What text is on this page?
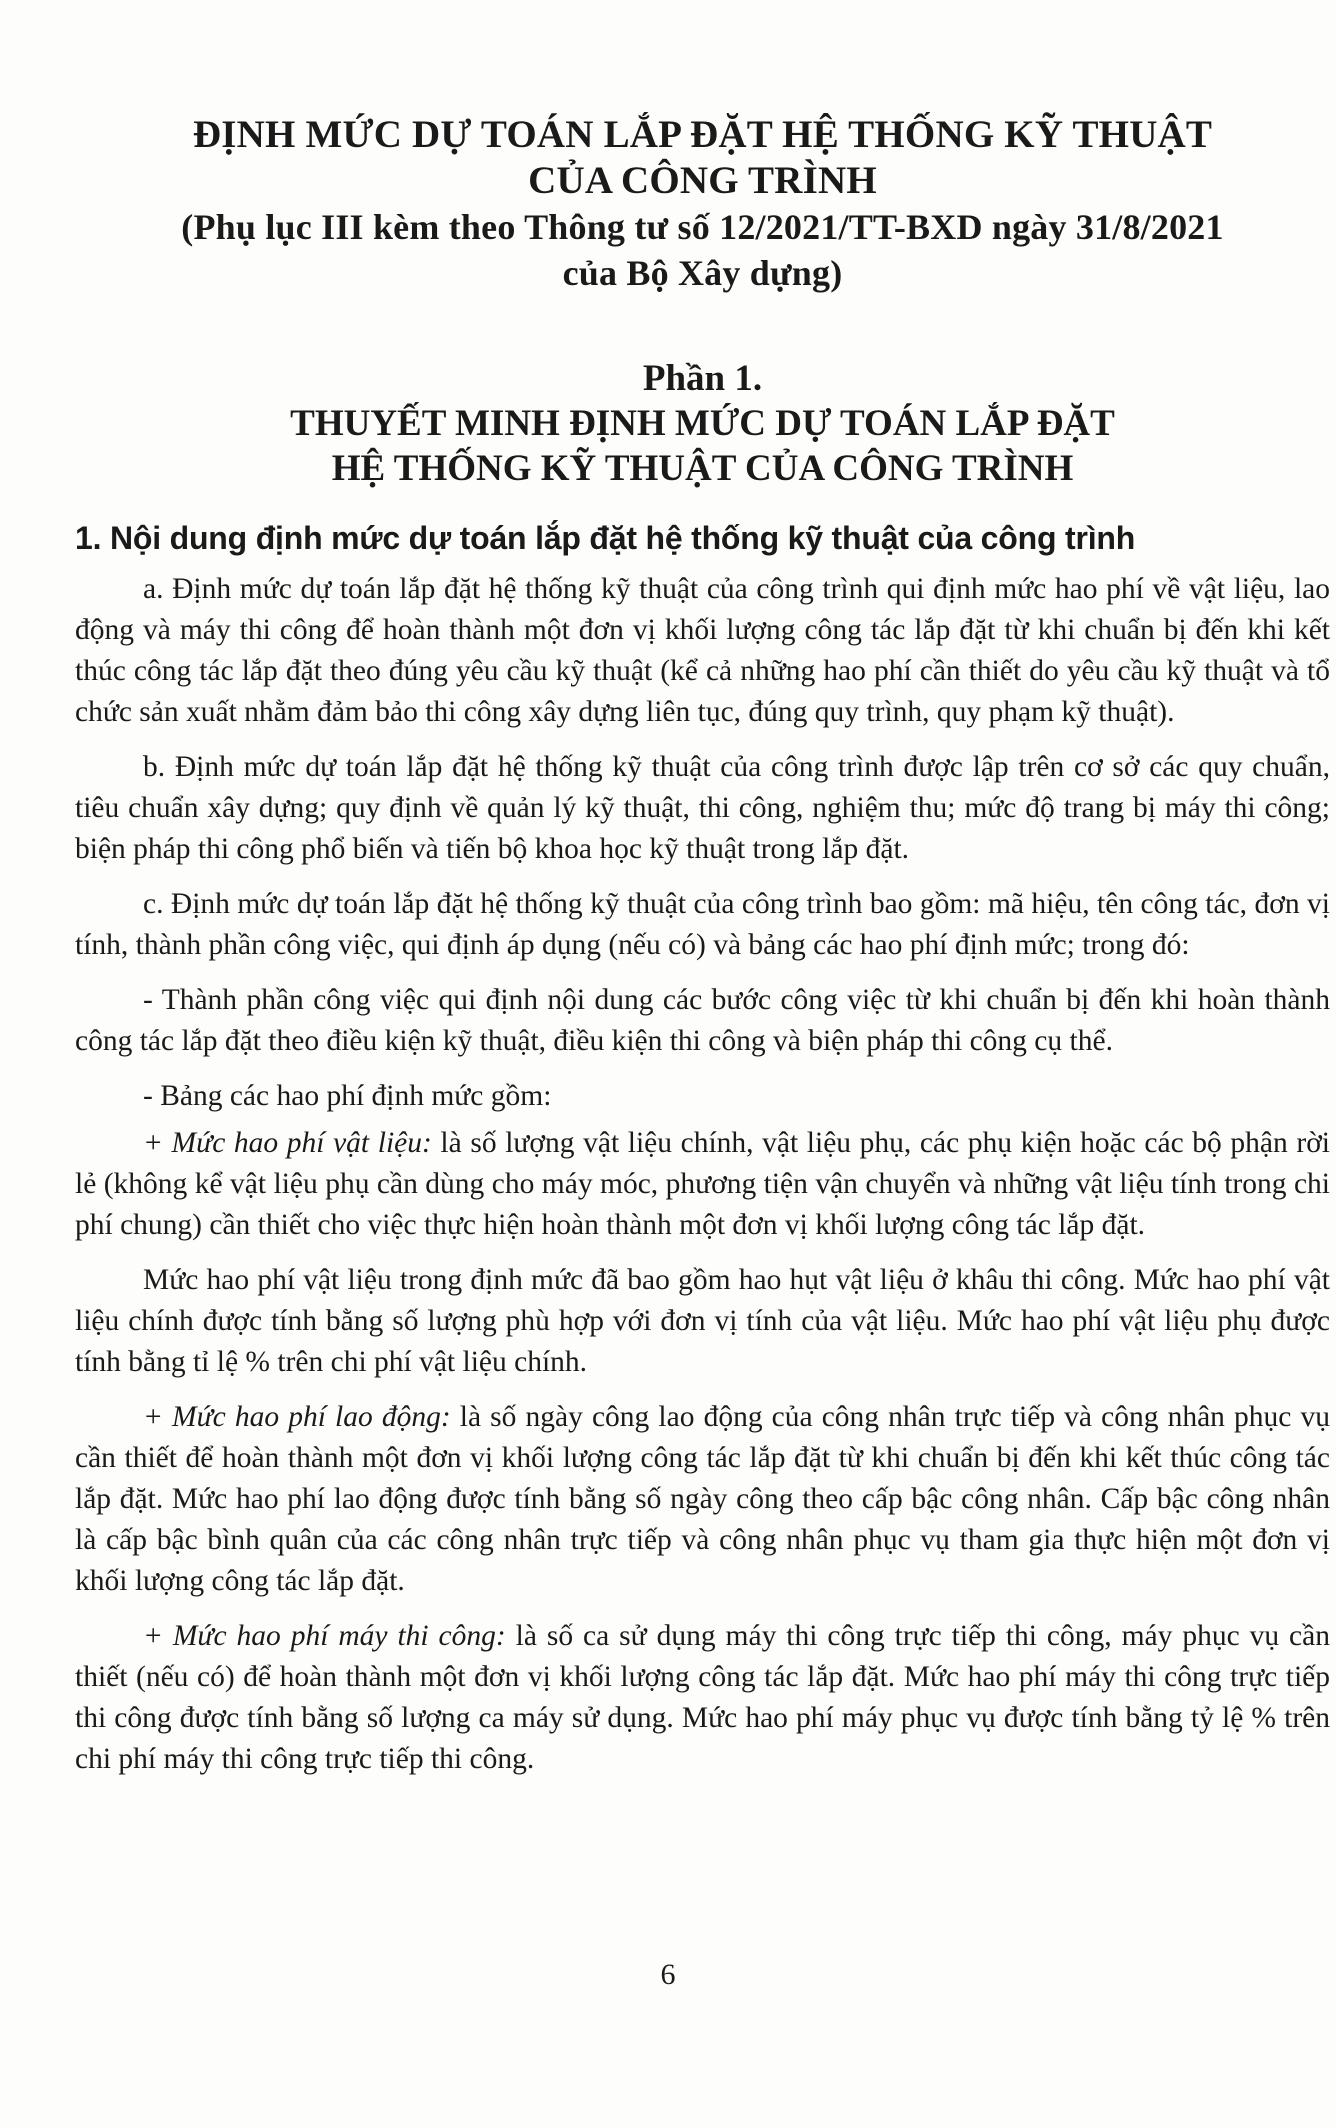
ĐỊNH MỨC DỰ TOÁN LẮP ĐẶT HỆ THỐNG KỸ THUẬT
CỦA CÔNG TRÌNH
(Phụ lục III kèm theo Thông tư số 12/2021/TT-BXD ngày 31/8/2021
của Bộ Xây dựng)
Phần 1.
THUYẾT MINH ĐỊNH MỨC DỰ TOÁN LẮP ĐẶT
HỆ THỐNG KỸ THUẬT CỦA CÔNG TRÌNH
1. Nội dung định mức dự toán lắp đặt hệ thống kỹ thuật của công trình

a. Định mức dự toán lắp đặt hệ thống kỹ thuật của công trình qui định mức hao phí về vật liệu, lao động và máy thi công để hoàn thành một đơn vị khối lượng công tác lắp đặt từ khi chuẩn bị đến khi kết thúc công tác lắp đặt theo đúng yêu cầu kỹ thuật (kể cả những hao phí cần thiết do yêu cầu kỹ thuật và tổ chức sản xuất nhằm đảm bảo thi công xây dựng liên tục, đúng quy trình, quy phạm kỹ thuật).

b. Định mức dự toán lắp đặt hệ thống kỹ thuật của công trình được lập trên cơ sở các quy chuẩn, tiêu chuẩn xây dựng; quy định về quản lý kỹ thuật, thi công, nghiệm thu; mức độ trang bị máy thi công; biện pháp thi công phổ biến và tiến bộ khoa học kỹ thuật trong lắp đặt.

c. Định mức dự toán lắp đặt hệ thống kỹ thuật của công trình bao gồm: mã hiệu, tên công tác, đơn vị tính, thành phần công việc, qui định áp dụng (nếu có) và bảng các hao phí định mức; trong đó:

- Thành phần công việc qui định nội dung các bước công việc từ khi chuẩn bị đến khi hoàn thành công tác lắp đặt theo điều kiện kỹ thuật, điều kiện thi công và biện pháp thi công cụ thể.

- Bảng các hao phí định mức gồm:

+ Mức hao phí vật liệu: là số lượng vật liệu chính, vật liệu phụ, các phụ kiện hoặc các bộ phận rời lẻ (không kể vật liệu phụ cần dùng cho máy móc, phương tiện vận chuyển và những vật liệu tính trong chi phí chung) cần thiết cho việc thực hiện hoàn thành một đơn vị khối lượng công tác lắp đặt.

Mức hao phí vật liệu trong định mức đã bao gồm hao hụt vật liệu ở khâu thi công. Mức hao phí vật liệu chính được tính bằng số lượng phù hợp với đơn vị tính của vật liệu. Mức hao phí vật liệu phụ được tính bằng tỉ lệ % trên chi phí vật liệu chính.

+ Mức hao phí lao động: là số ngày công lao động của công nhân trực tiếp và công nhân phục vụ cần thiết để hoàn thành một đơn vị khối lượng công tác lắp đặt từ khi chuẩn bị đến khi kết thúc công tác lắp đặt. Mức hao phí lao động được tính bằng số ngày công theo cấp bậc công nhân. Cấp bậc công nhân là cấp bậc bình quân của các công nhân trực tiếp và công nhân phục vụ tham gia thực hiện một đơn vị khối lượng công tác lắp đặt.

+ Mức hao phí máy thi công: là số ca sử dụng máy thi công trực tiếp thi công, máy phục vụ cần thiết (nếu có) để hoàn thành một đơn vị khối lượng công tác lắp đặt. Mức hao phí máy thi công trực tiếp thi công được tính bằng số lượng ca máy sử dụng. Mức hao phí máy phục vụ được tính bằng tỷ lệ % trên chi phí máy thi công trực tiếp thi công.

6
